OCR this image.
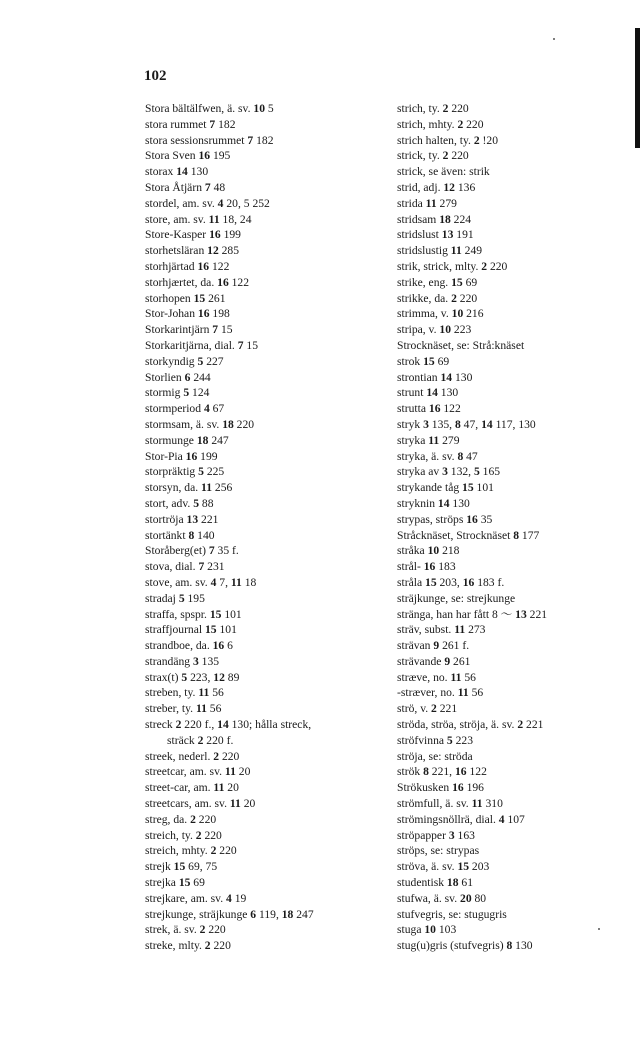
102

Stora bältälfwen, ä. sv. 10 5
stora rummet 7 182
stora sessionsrummet 7 182
Stora Sven 16 195
storax 14 130
Stora Åtjärn 7 48
stordel, am. sv. 4 20, 5 252
store, am. sv. 11 18, 24
Store-Kasper 16 199
storhetsläran 12 285
storhjärtad 16 122
storhjærtet, da. 16 122
storhopen 15 261
Stor-Johan 16 198
Storkarintjärn 7 15
Storkaritjärna, dial. 7 15
storkyndig 5 227
Storlien 6 244
stormig 5 124
stormperiod 4 67
stormsam, ä. sv. 18 220
stormunge 18 247
Stor-Pia 16 199
storpräktig 5 225
storsyn, da. 11 256
stort, adv. 5 88
stortröja 13 221
stortänkt 8 140
Storåberg(et) 7 35 f.
stova, dial. 7 231
stove, am. sv. 4 7, 11 18
stradaj 5 195
straffa, spspr. 15 101
straffjournal 15 101
strandboe, da. 16 6
strandäng 3 135
strax(t) 5 223, 12 89
streben, ty. 11 56
streber, ty. 11 56
streck 2 220 f., 14 130; hålla streck,
sträck 2 220 f.
streek, nederl. 2 220
streetcar, am. sv. 11 20
street-car, am. 11 20
streetcars, am. sv. 11 20
streg, da. 2 220
streich, ty. 2 220
streich, mhty. 2 220
strejk 15 69, 75
strejka 15 69
strejkare, am. sv. 4 19
strejkunge, sträjkunge 6 119, 18 247
strek, ä. sv. 2 220
streke, mlty. 2 220
strich, ty. 2 220
strich, mhty. 2 220
strich halten, ty. 2 !20
strick, ty. 2 220
strick, se även: strik
strid, adj. 12 136
strida 11 279
stridsam 18 224
stridslust 13 191
stridslustig 11 249
strik, strick, mlty. 2 220
strike, eng. 15 69
strikke, da. 2 220
strimma, v. 10 216
stripa, v. 10 223
Strocknäset, se: Strå:knäset
strok 15 69
strontian 14 130
strunt 14 130
strutta 16 122
stryk 3 135, 8 47, 14 117, 130
stryka 11 279
stryka, ä. sv. 8 47
stryka av 3 132, 5 165
strykande tåg 15 101
stryknin 14 130
strypas, ströps 16 35
Stråcknäset, Strocknäset 8 177
stråka 10 218
strål- 16 183
stråla 15 203, 16 183 f.
sträjkunge, se: strejkunge
stränga, han har fått 8 ～ 13 221
sträv, subst. 11 273
strävan 9 261 f.
strävande 9 261
stræve, no. 11 56
-stræver, no. 11 56
strö, v. 2 221
ströda, ströa, ströja, ä. sv. 2 221
ströfvinna 5 223
ströja, se: ströda
strök 8 221, 16 122
Strökusken 16 196
strömfull, ä. sv. 11 310
strömingsnöllrä, dial. 4 107
ströpapper 3 163
ströps, se: strypas
ströva, ä. sv. 15 203
studentisk 18 61
stufwa, ä. sv. 20 80
stufvegris, se: stugugris
stuga 10 103
stug(u)gris (stufvegris) 8 130
